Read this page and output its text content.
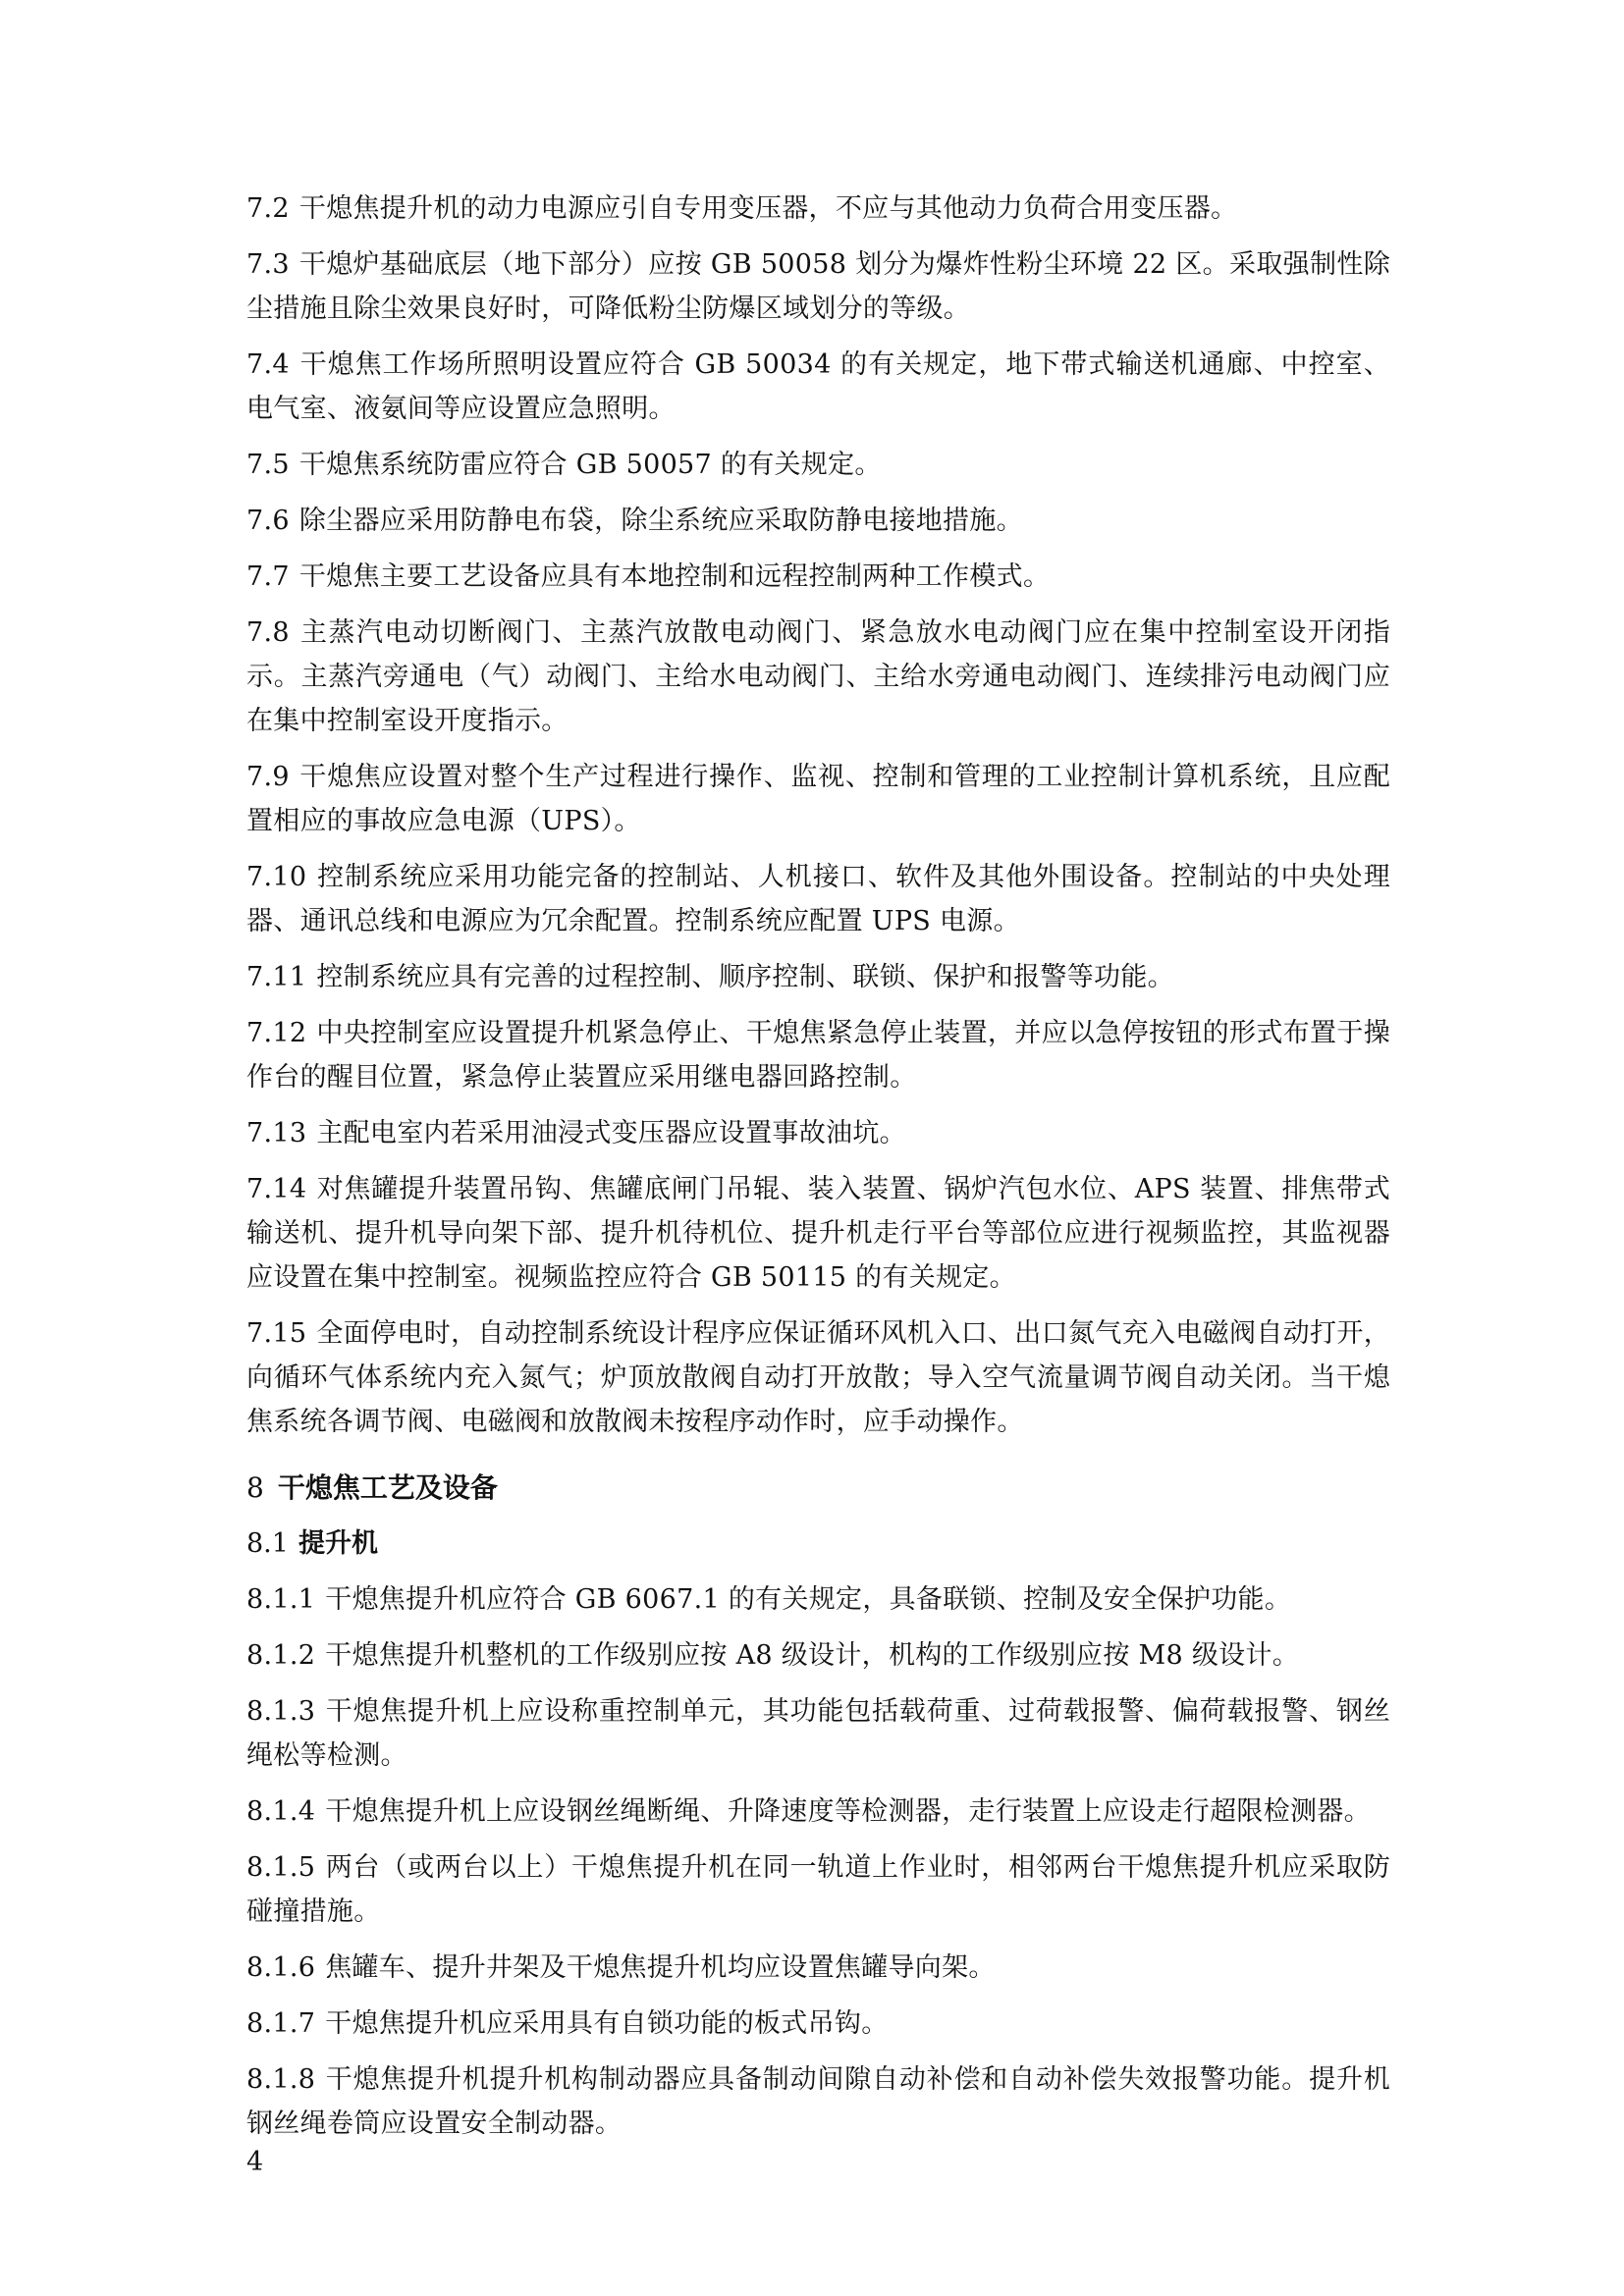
7.2 干熄焦提升机的动力电源应引自专用变压器，不应与其他动力负荷合用变压器。

7.3 干熄炉基础底层（地下部分）应按 GB 50058 划分为爆炸性粉尘环境 22 区。采取强制性除尘措施且除尘效果良好时，可降低粉尘防爆区域划分的等级。

7.4 干熄焦工作场所照明设置应符合 GB 50034 的有关规定，地下带式输送机通廊、中控室、电气室、液氨间等应设置应急照明。

7.5 干熄焦系统防雷应符合 GB 50057 的有关规定。

7.6 除尘器应采用防静电布袋，除尘系统应采取防静电接地措施。

7.7 干熄焦主要工艺设备应具有本地控制和远程控制两种工作模式。

7.8 主蒸汽电动切断阀门、主蒸汽放散电动阀门、紧急放水电动阀门应在集中控制室设开闭指示。主蒸汽旁通电（气）动阀门、主给水电动阀门、主给水旁通电动阀门、连续排污电动阀门应在集中控制室设开度指示。

7.9 干熄焦应设置对整个生产过程进行操作、监视、控制和管理的工业控制计算机系统，且应配置相应的事故应急电源（UPS）。

7.10 控制系统应采用功能完备的控制站、人机接口、软件及其他外围设备。控制站的中央处理器、通讯总线和电源应为冗余配置。控制系统应配置 UPS 电源。

7.11 控制系统应具有完善的过程控制、顺序控制、联锁、保护和报警等功能。

7.12 中央控制室应设置提升机紧急停止、干熄焦紧急停止装置，并应以急停按钮的形式布置于操作台的醒目位置，紧急停止装置应采用继电器回路控制。

7.13 主配电室内若采用油浸式变压器应设置事故油坑。

7.14 对焦罐提升装置吊钩、焦罐底闸门吊辊、装入装置、锅炉汽包水位、APS 装置、排焦带式输送机、提升机导向架下部、提升机待机位、提升机走行平台等部位应进行视频监控，其监视器应设置在集中控制室。视频监控应符合 GB 50115 的有关规定。

7.15 全面停电时，自动控制系统设计程序应保证循环风机入口、出口氮气充入电磁阀自动打开，向循环气体系统内充入氮气；炉顶放散阀自动打开放散；导入空气流量调节阀自动关闭。当干熄焦系统各调节阀、电磁阀和放散阀未按程序动作时，应手动操作。

8 干熄焦工艺及设备
8.1 提升机

8.1.1 干熄焦提升机应符合 GB 6067.1 的有关规定，具备联锁、控制及安全保护功能。

8.1.2 干熄焦提升机整机的工作级别应按 A8 级设计，机构的工作级别应按 M8 级设计。

8.1.3 干熄焦提升机上应设称重控制单元，其功能包括载荷重、过荷载报警、偏荷载报警、钢丝绳松等检测。

8.1.4 干熄焦提升机上应设钢丝绳断绳、升降速度等检测器，走行装置上应设走行超限检测器。

8.1.5 两台（或两台以上）干熄焦提升机在同一轨道上作业时，相邻两台干熄焦提升机应采取防碰撞措施。

8.1.6 焦罐车、提升井架及干熄焦提升机均应设置焦罐导向架。

8.1.7 干熄焦提升机应采用具有自锁功能的板式吊钩。

8.1.8 干熄焦提升机提升机构制动器应具备制动间隙自动补偿和自动补偿失效报警功能。提升机钢丝绳卷筒应设置安全制动器。

4
